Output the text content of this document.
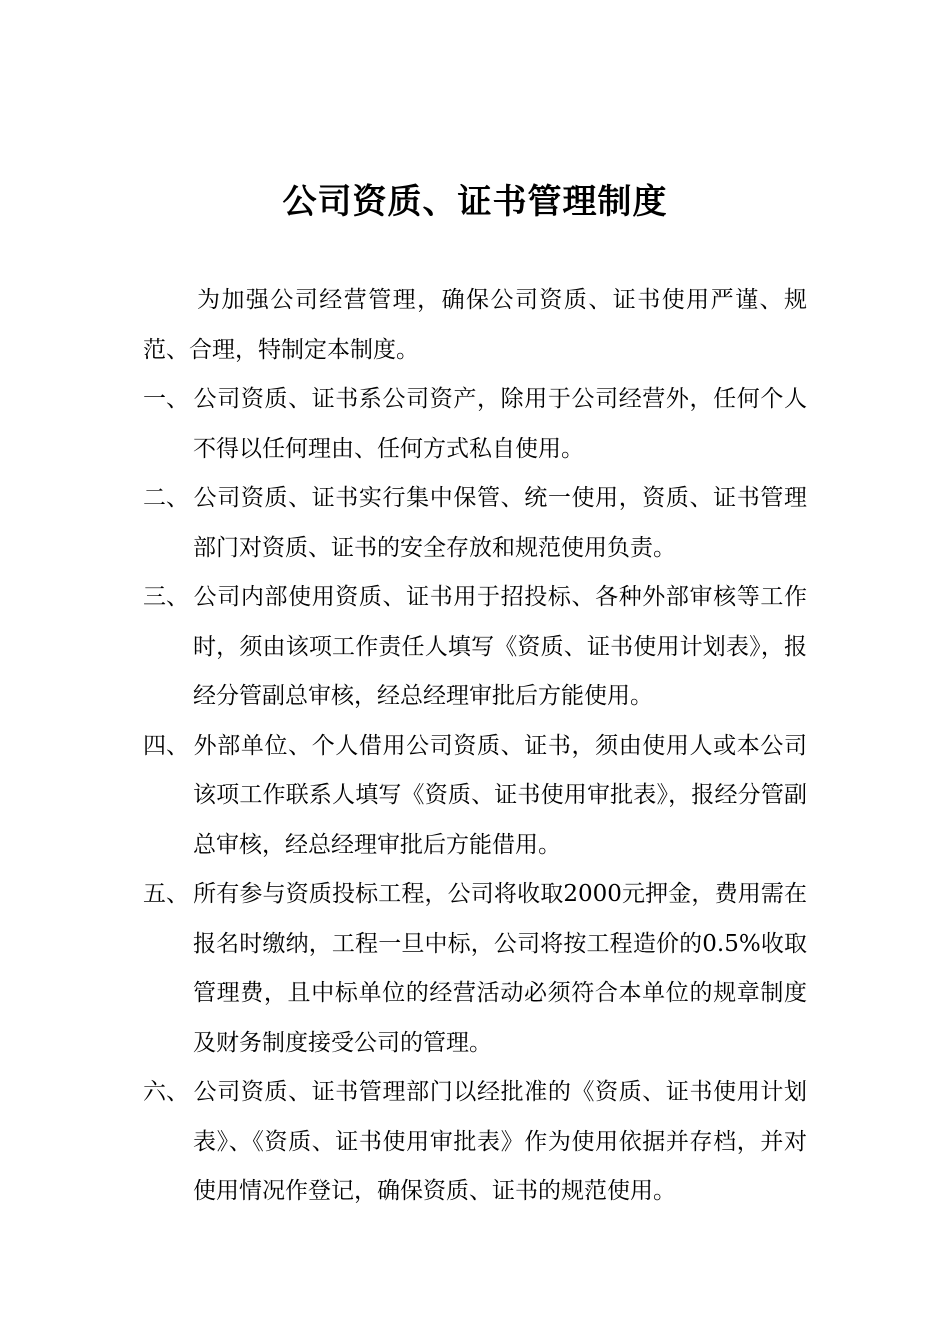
公司资质、证书管理制度

为加强公司经营管理，确保公司资质、证书使用严谨、规范、合理，特制定本制度。

一、 公司资质、证书系公司资产，除用于公司经营外，任何个人不得以任何理由、任何方式私自使用。

二、 公司资质、证书实行集中保管、统一使用，资质、证书管理部门对资质、证书的安全存放和规范使用负责。

三、 公司内部使用资质、证书用于招投标、各种外部审核等工作时，须由该项工作责任人填写《资质、证书使用计划表》，报经分管副总审核，经总经理审批后方能使用。

四、 外部单位、个人借用公司资质、证书，须由使用人或本公司该项工作联系人填写《资质、证书使用审批表》，报经分管副总审核，经总经理审批后方能借用。

五、 所有参与资质投标工程，公司将收取2000元押金，费用需在报名时缴纳，工程一旦中标，公司将按工程造价的0.5%收取管理费，且中标单位的经营活动必须符合本单位的规章制度及财务制度接受公司的管理。

六、 公司资质、证书管理部门以经批准的《资质、证书使用计划表》、《资质、证书使用审批表》作为使用依据并存档，并对使用情况作登记，确保资质、证书的规范使用。
